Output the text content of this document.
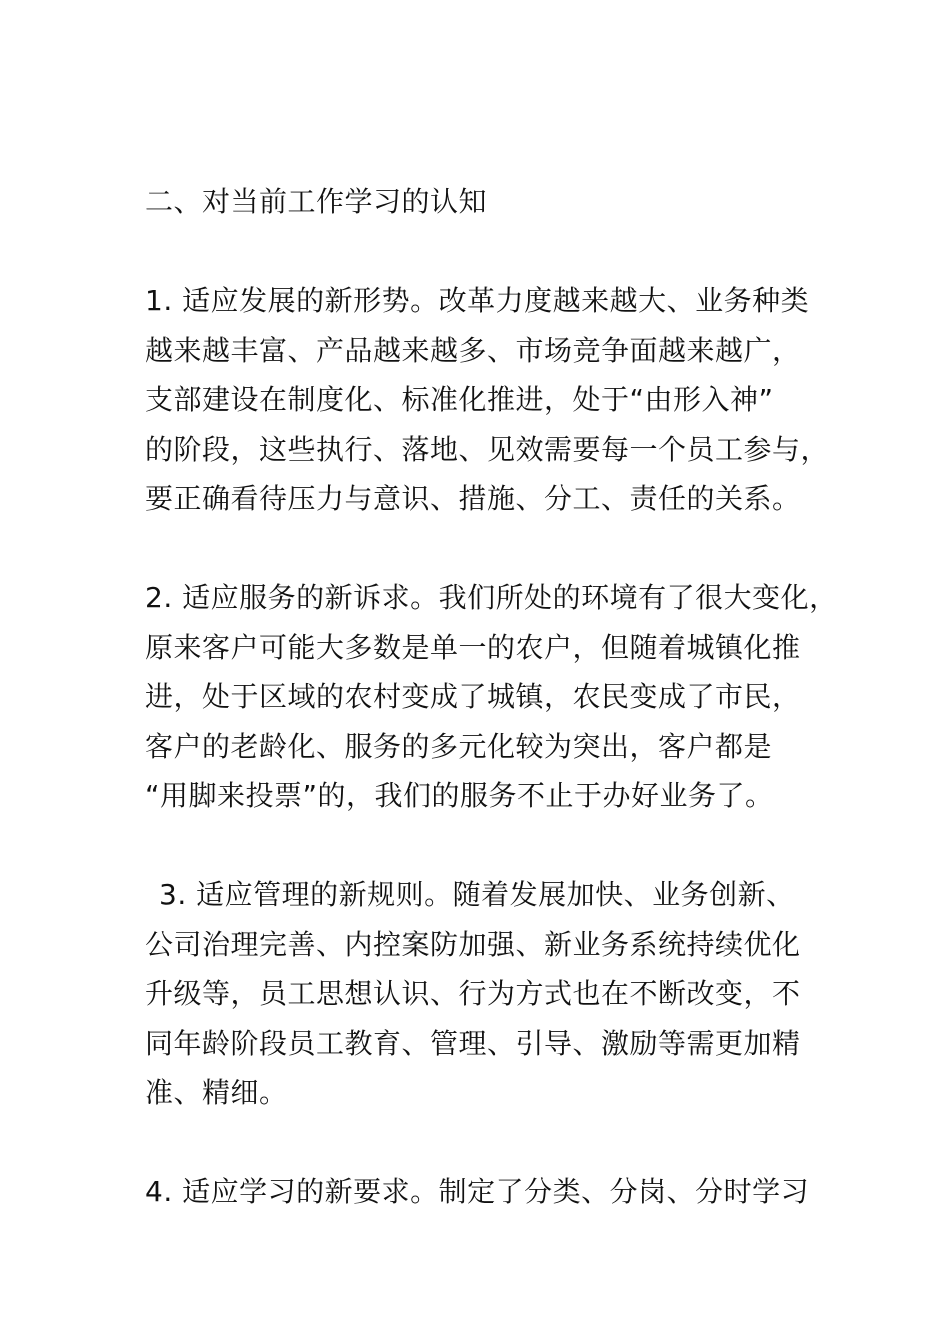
二、对当前工作学习的认知
1. 适应发展的新形势。改革力度越来越大、业务种类
越来越丰富、产品越来越多、市场竞争面越来越广，
支部建设在制度化、标准化推进，处于“由形入神”
的阶段，这些执行、落地、见效需要每一个员工参与，
要正确看待压力与意识、措施、分工、责任的关系。
2. 适应服务的新诉求。我们所处的环境有了很大变化，
原来客户可能大多数是单一的农户，但随着城镇化推
进，处于区域的农村变成了城镇，农民变成了市民，
客户的老龄化、服务的多元化较为突出，客户都是
“用脚来投票”的，我们的服务不止于办好业务了。
3. 适应管理的新规则。随着发展加快、业务创新、
公司治理完善、内控案防加强、新业务系统持续优化
升级等，员工思想认识、行为方式也在不断改变，不
同年龄阶段员工教育、管理、引导、激励等需更加精
准、精细。
4. 适应学习的新要求。制定了分类、分岗、分时学习
